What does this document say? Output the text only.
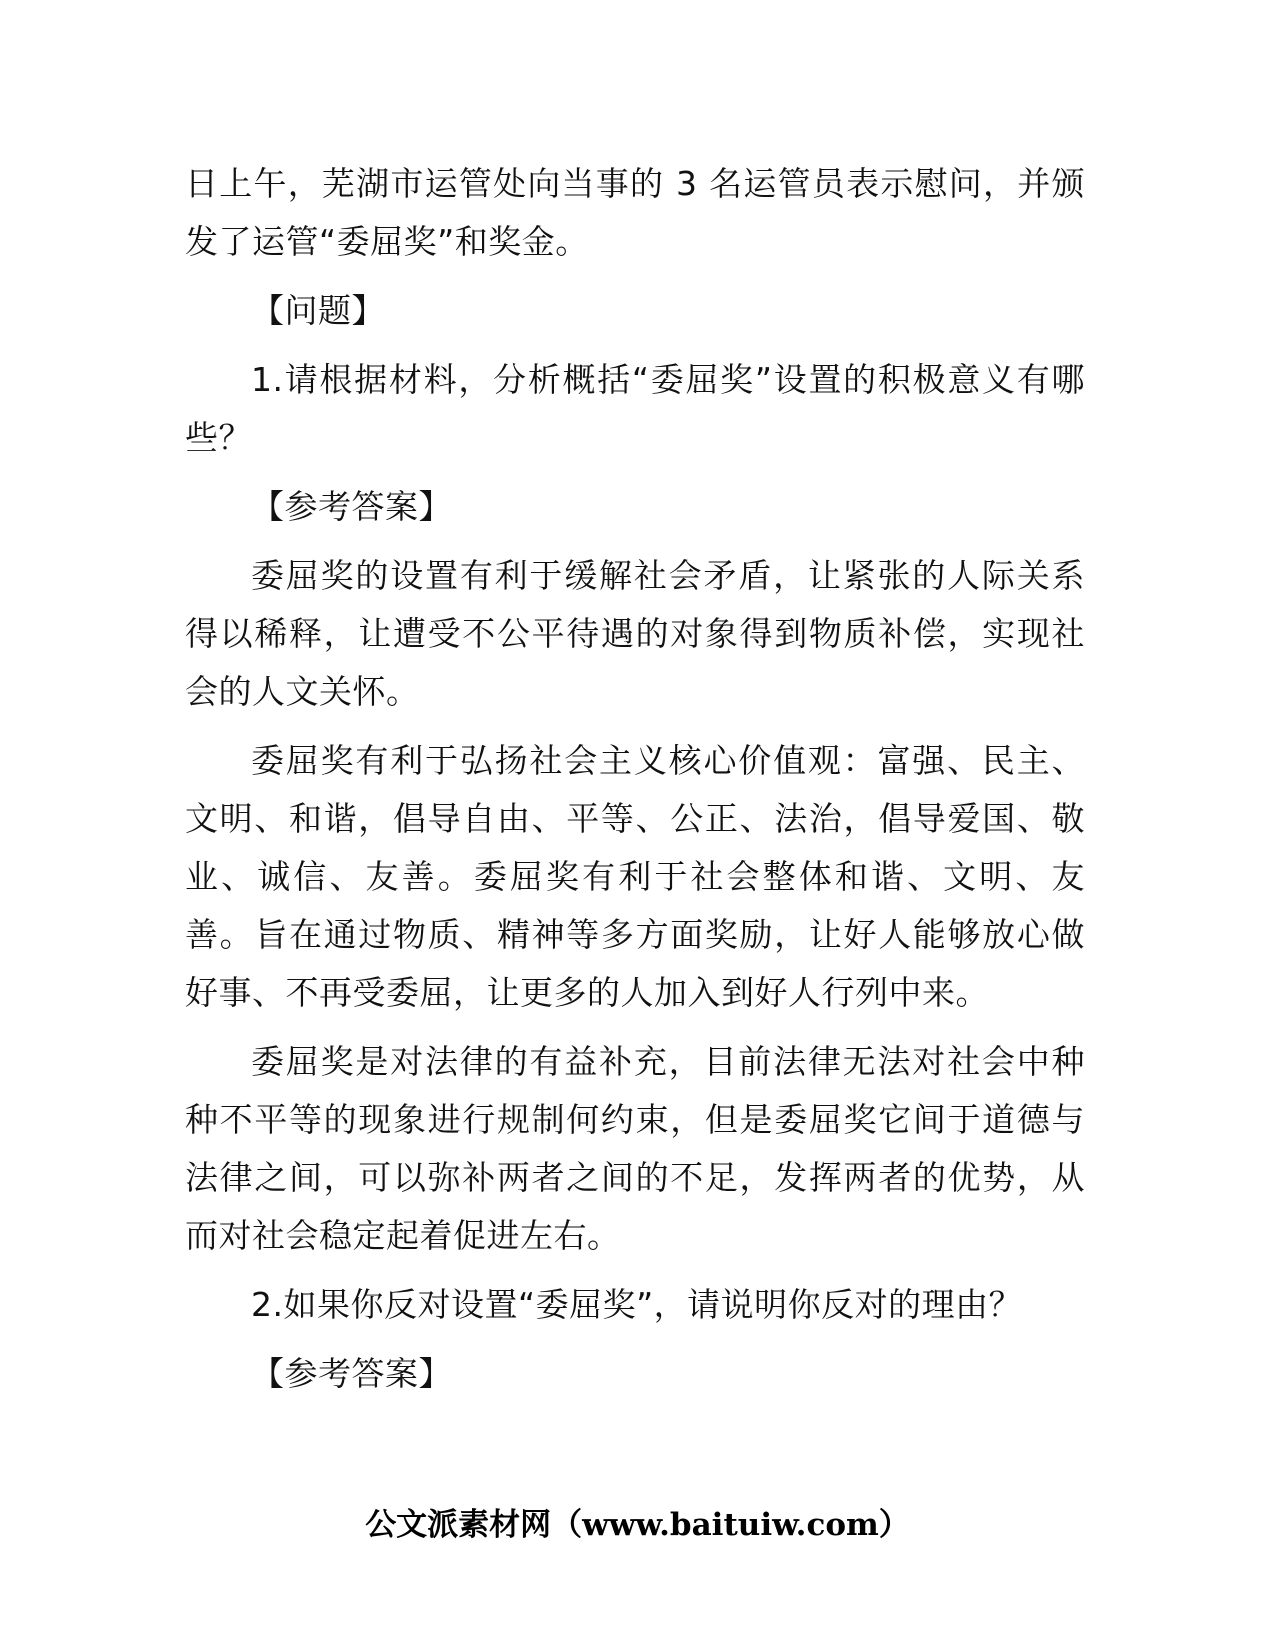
日上午，芜湖市运管处向当事的 3 名运管员表示慰问，并颁发了运管“委屈奖”和奖金。

【问题】

1.请根据材料，分析概括“委屈奖”设置的积极意义有哪些？

【参考答案】

委屈奖的设置有利于缓解社会矛盾，让紧张的人际关系得以稀释，让遭受不公平待遇的对象得到物质补偿，实现社会的人文关怀。

委屈奖有利于弘扬社会主义核心价值观：富强、民主、文明、和谐，倡导自由、平等、公正、法治，倡导爱国、敬业、诚信、友善。委屈奖有利于社会整体和谐、文明、友善。旨在通过物质、精神等多方面奖励，让好人能够放心做好事、不再受委屈，让更多的人加入到好人行列中来。

委屈奖是对法律的有益补充，目前法律无法对社会中种种不平等的现象进行规制何约束，但是委屈奖它间于道德与法律之间，可以弥补两者之间的不足，发挥两者的优势，从而对社会稳定起着促进左右。

2.如果你反对设置“委屈奖”，请说明你反对的理由？

【参考答案】

公文派素材网（www.baituiw.com）
